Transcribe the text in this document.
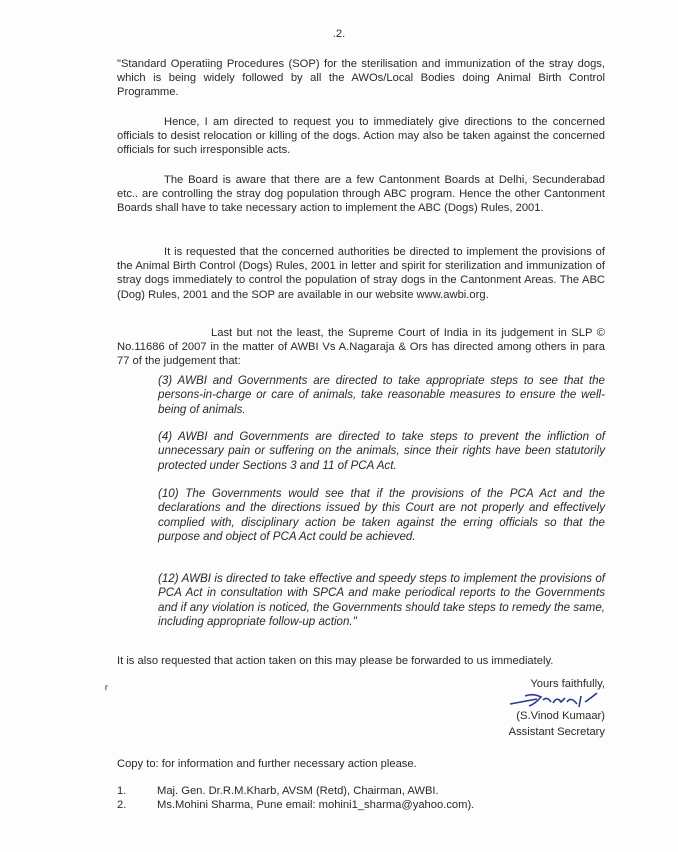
.2.
"Standard Operatiing Procedures (SOP) for the sterilisation and immunization of the stray dogs, which is being widely followed by all the AWOs/Local Bodies doing Animal Birth Control Programme.
Hence, I am directed to request you to immediately give directions to the concerned officials to desist relocation or killing of the dogs. Action may also be taken against the concerned officials for such irresponsible acts.
The Board is aware that there are a few Cantonment Boards at Delhi, Secunderabad etc.. are controlling the stray dog population through ABC program. Hence the other Cantonment Boards shall have to take necessary action to implement the ABC (Dogs) Rules, 2001.
It is requested that the concerned authorities be directed to implement the provisions of the Animal Birth Control (Dogs) Rules, 2001 in letter and spirit for sterilization and immunization of stray dogs immediately to control the population of stray dogs in the Cantonment Areas. The ABC (Dog) Rules, 2001 and the SOP are available in our website www.awbi.org.
Last but not the least, the Supreme Court of India in its judgement in SLP © No.11686 of 2007 in the matter of AWBI Vs A.Nagaraja & Ors has directed among others in para 77 of the judgement that:
(3) AWBI and Governments are directed to take appropriate steps to see that the persons-in-charge or care of animals, take reasonable measures to ensure the well-being of animals.
(4) AWBI and Governments are directed to take steps to prevent the infliction of unnecessary pain or suffering on the animals, since their rights have been statutorily protected under Sections 3 and 11 of PCA Act.
(10) The Governments would see that if the provisions of the PCA Act and the declarations and the directions issued by this Court are not properly and effectively complied with, disciplinary action be taken against the erring officials so that the purpose and object of PCA Act could be achieved.
(12) AWBI is directed to take effective and speedy steps to implement the provisions of PCA Act in consultation with SPCA and make periodical reports to the Governments and if any violation is noticed, the Governments should take steps to remedy the same, including appropriate follow-up action."
It is also requested that action taken on this may please be forwarded to us immediately.
Yours faithfully,
(S.Vinod Kumaar)
Assistant Secretary
⸢
Copy to: for information and further necessary action please.
1.	Maj. Gen. Dr.R.M.Kharb, AVSM (Retd), Chairman, AWBI.
2.	Ms.Mohini Sharma, Pune email: mohini1_sharma@yahoo.com).
